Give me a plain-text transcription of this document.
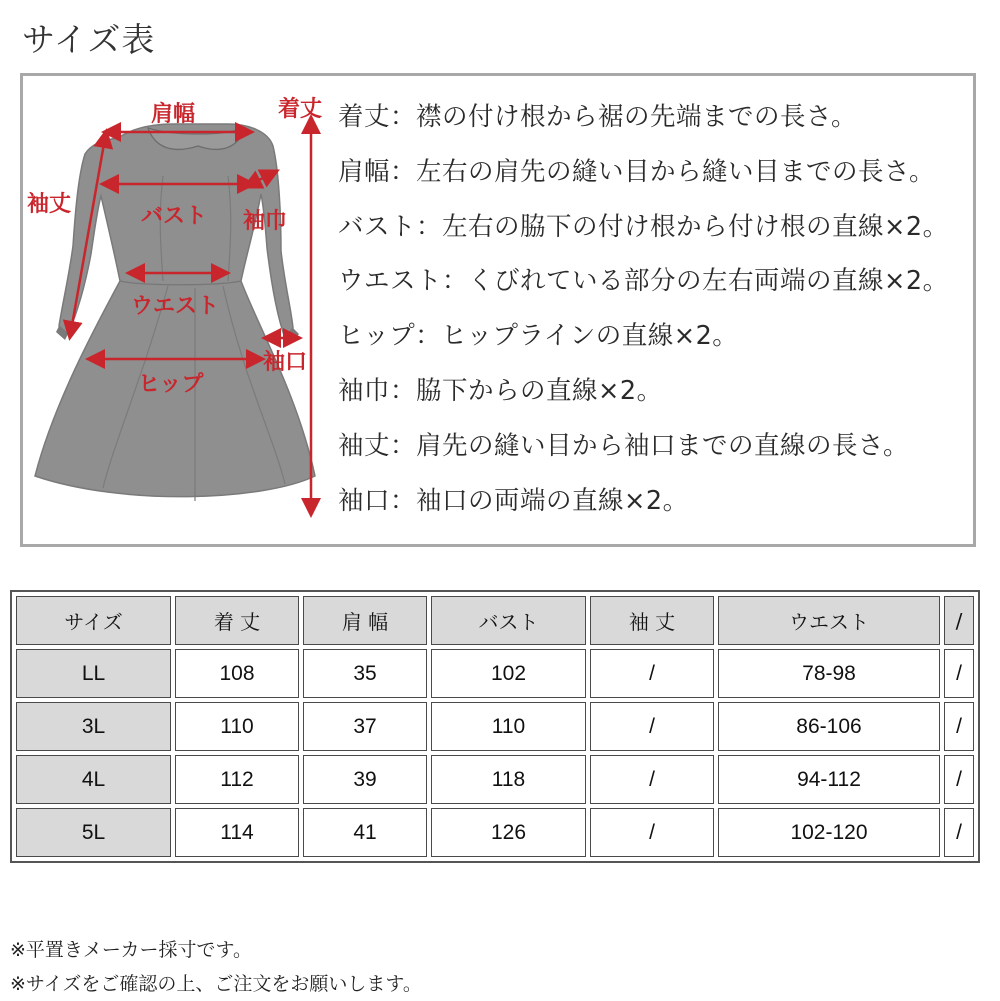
サイズ表
肩幅	着丈
袖丈	バスト 袖巾
ウエスト
袖口
ヒップ
着丈：襟の付け根から裾の先端までの長さ。
肩幅：左右の肩先の縫い目から縫い目までの長さ。
バスト：左右の脇下の付け根から付け根の直線×2。
ウエスト：くびれている部分の左右両端の直線×2。
ヒップ：ヒップラインの直線×2。
袖巾：脇下からの直線×2。
袖丈：肩先の縫い目から袖口までの直線の長さ。
袖口：袖口の両端の直線×2。
サイズ	着 丈	肩 幅	バスト	袖 丈	ウエスト	/
LL	108	35	102	/	78-98	/
3L	110	37	110	/	86-106	/
4L	112	39	118	/	94-112	/
5L	114	41	126	/	102-120	/
※平置きメーカー採寸です。
※サイズをご確認の上、ご注文をお願いします。
